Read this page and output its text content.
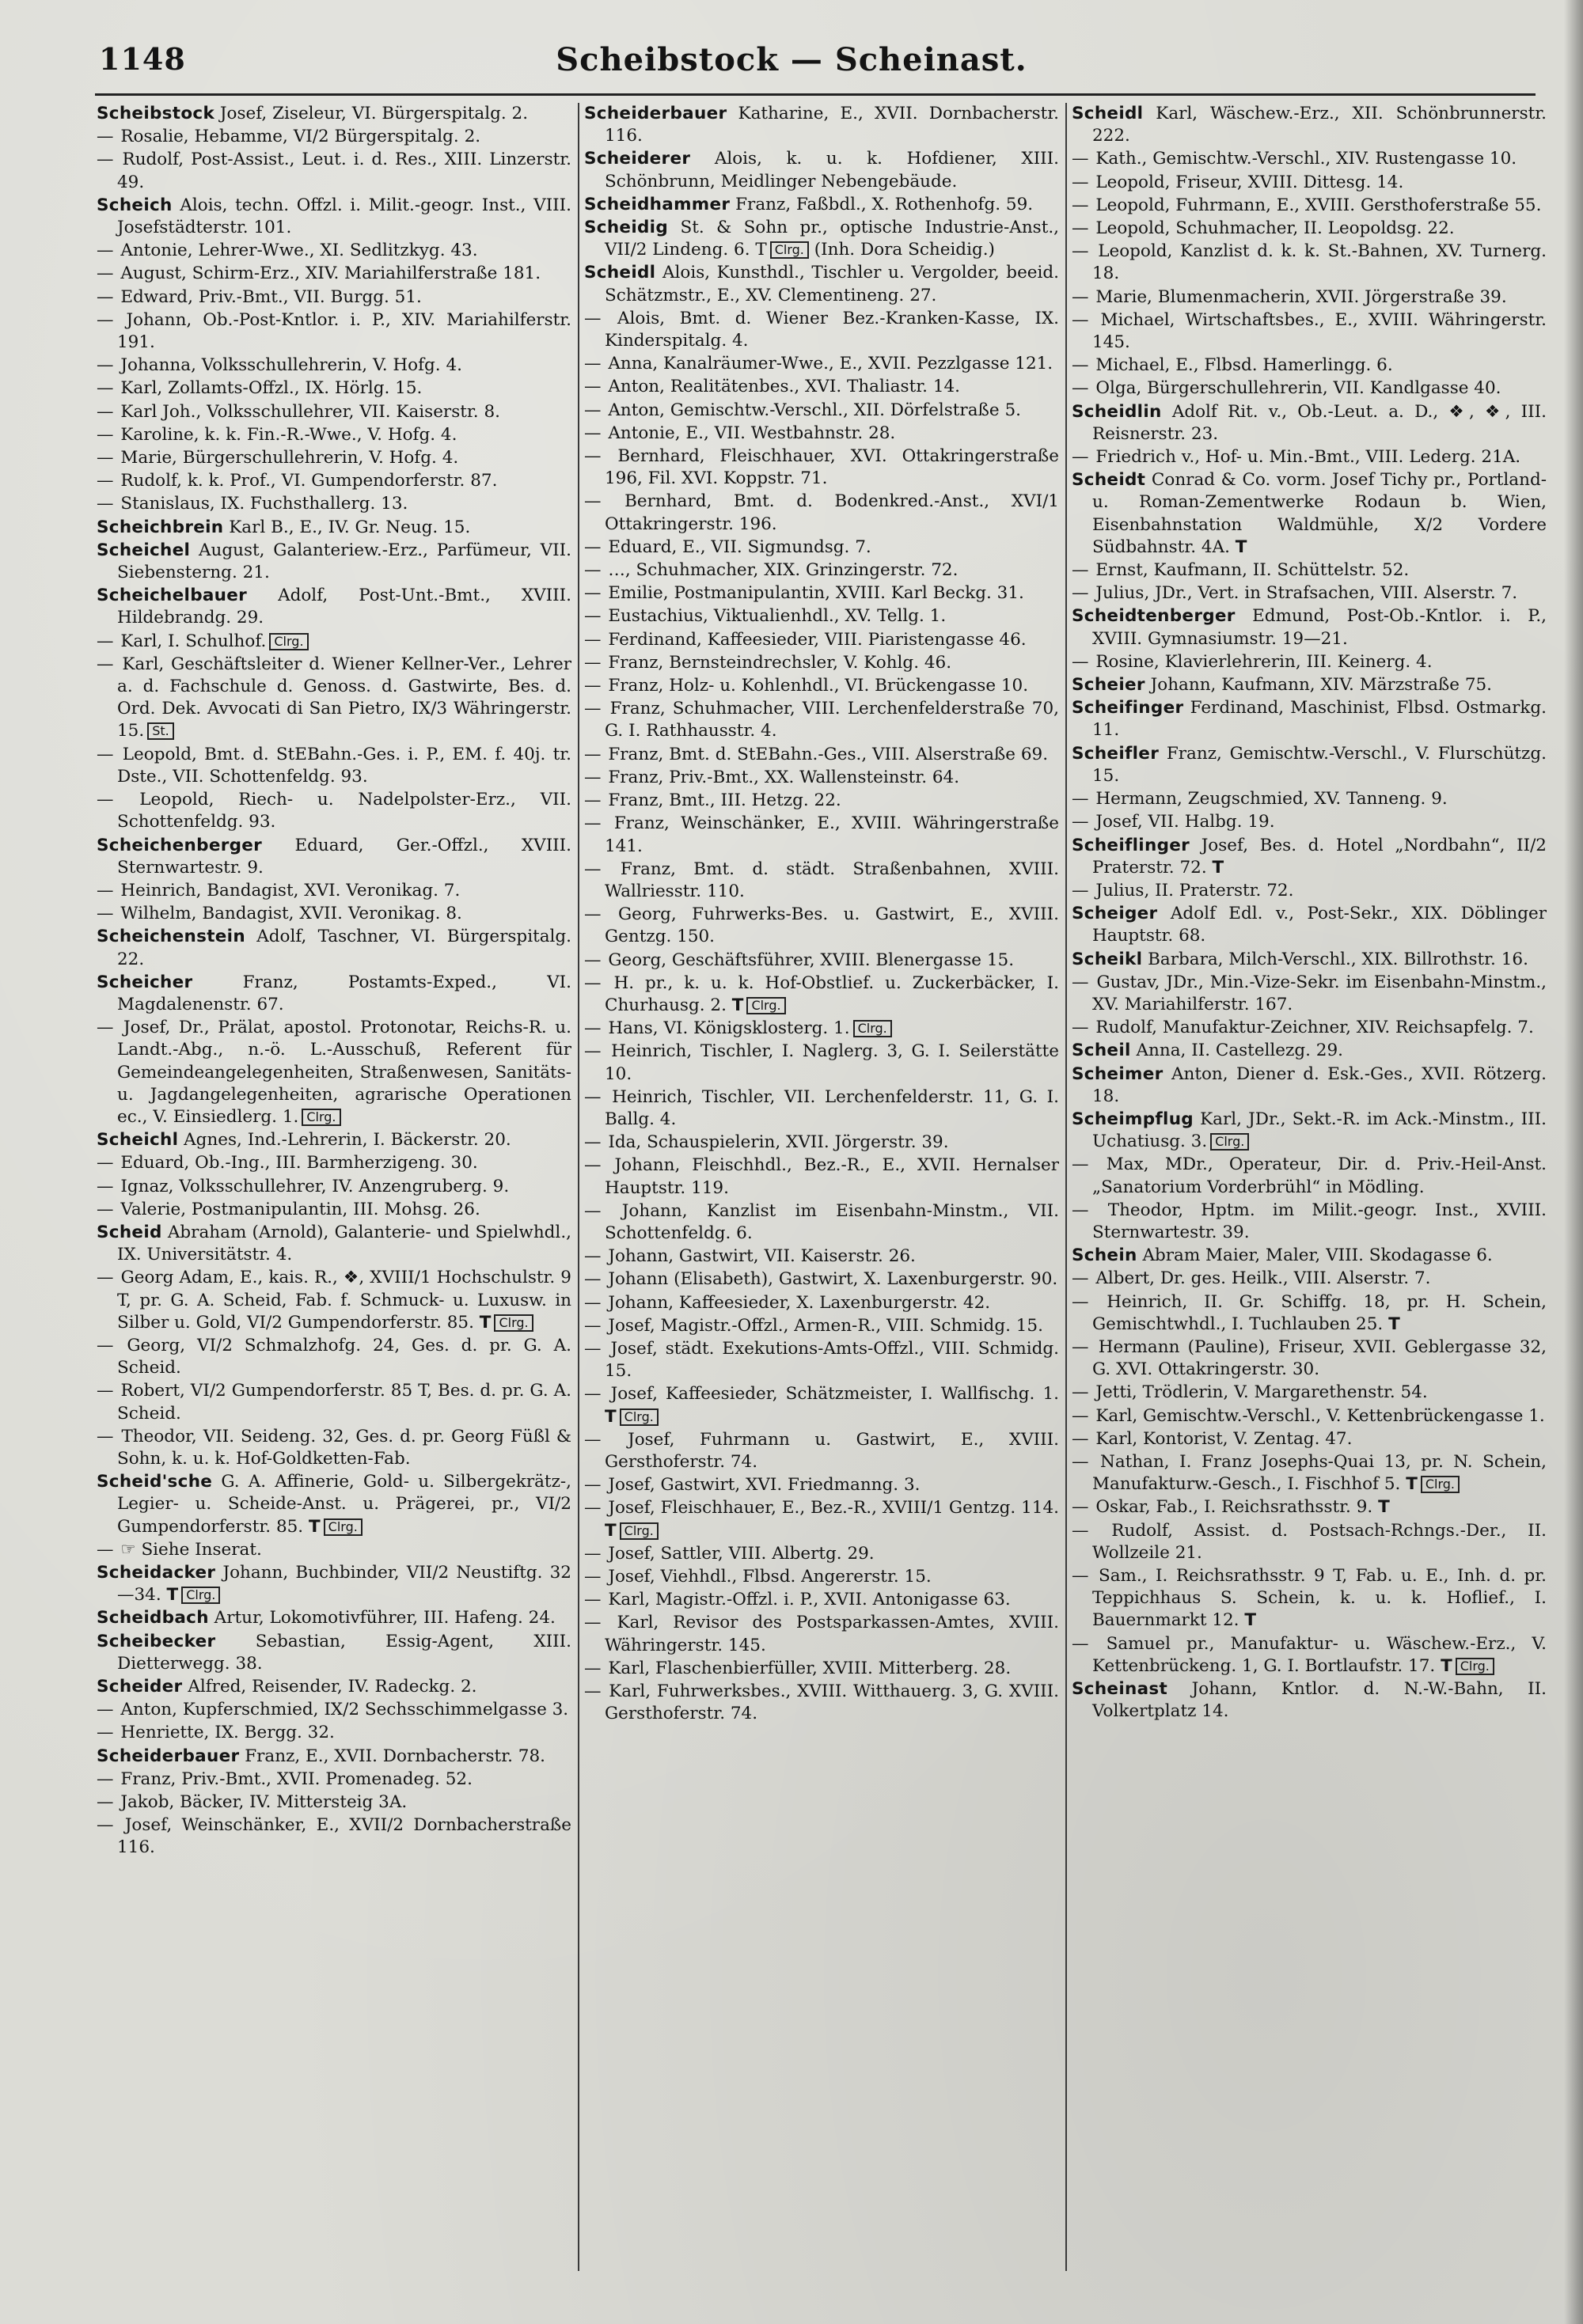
1148	Scheibstock — Scheinast.

Scheibstock Josef, Ziseleur, VI. Bürgerspitalg. 2.

— Rosalie, Hebamme, VI/2 Bürgerspitalg. 2.

— Rudolf, Post-Assist., Leut. i. d. Res., XIII. Linzerstr. 49.

Scheich Alois, techn. Offzl. i. Milit.-geogr. Inst., VIII. Josefstädterstr. 101.

— Antonie, Lehrer-Wwe., XI. Sedlitzkyg. 43.

— August, Schirm-Erz., XIV. Mariahilferstraße 181.

— Edward, Priv.-Bmt., VII. Burgg. 51.

— Johann, Ob.-Post-Kntlor. i. P., XIV. Mariahilferstr. 191.

— Johanna, Volksschullehrerin, V. Hofg. 4.

— Karl, Zollamts-Offzl., IX. Hörlg. 15.

— Karl Joh., Volksschullehrer, VII. Kaiserstr. 8.

— Karoline, k. k. Fin.-R.-Wwe., V. Hofg. 4.

— Marie, Bürgerschullehrerin, V. Hofg. 4.

— Rudolf, k. k. Prof., VI. Gumpendorferstr. 87.

— Stanislaus, IX. Fuchsthallerg. 13.

Scheichbrein Karl B., E., IV. Gr. Neug. 15.

Scheichel August, Galanteriew.-Erz., Parfümeur, VII. Siebensterng. 21.

Scheichelbauer Adolf, Post-Unt.-Bmt., XVIII. Hildebrandg. 29.

— Karl, I. Schulhof. Clrg.

— Karl, Geschäftsleiter d. Wiener Kellner-Ver., Lehrer a. d. Fachschule d. Genoss. d. Gastwirte, Bes. d. Ord. Dek. Avvocati di San Pietro, IX/3 Währingerstr. 15. St.

— Leopold, Bmt. d. StEBahn.-Ges. i. P., EM. f. 40j. tr. Dste., VII. Schottenfeldg. 93.

— Leopold, Riech- u. Nadelpolster-Erz., VII. Schottenfeldg. 93.

Scheichenberger Eduard, Ger.-Offzl., XVIII. Sternwartestr. 9.

— Heinrich, Bandagist, XVI. Veronikag. 7.

— Wilhelm, Bandagist, XVII. Veronikag. 8.

Scheichenstein Adolf, Taschner, VI. Bürgerspitalg. 22.

Scheicher	Franz, Postamts-Exped., VI. Magdalenenstr. 67.

— Josef, Dr., Prälat, apostol. Protonotar, Reichs-R. u. Landt.-Abg., n.-ö. L.-Ausschuß, Referent für Gemeindeangelegenheiten, Straßenwesen, Sanitäts- u. Jagdangelegenheiten, agrarische Operationen ec., V. Einsiedlerg. 1. Clrg.

Scheichl Agnes, Ind.-Lehrerin, I. Bäckerstr. 20.

— Eduard, Ob.-Ing., III. Barmherzigeng. 30.

— Ignaz, Volksschullehrer, IV. Anzengruberg. 9.

— Valerie, Postmanipulantin, III. Mohsg. 26.

Scheid Abraham (Arnold), Galanterie- und Spielwhdl., IX. Universitätstr. 4.

— Georg Adam, E., kais. R., ❖, XVIII/1 Hochschulstr. 9 T, pr. G. A. Scheid, Fab. f. Schmuck- u. Luxusw. in Silber u. Gold, VI/2 Gumpendorferstr. 85. T Clrg.

— Georg, VI/2 Schmalzhofg. 24, Ges. d. pr. G. A. Scheid.

— Robert, VI/2 Gumpendorferstr. 85 T, Bes. d. pr. G. A. Scheid.

— Theodor, VII. Seideng. 32, Ges. d. pr. Georg Füßl & Sohn, k. u. k. Hof-Goldketten-Fab.

Scheid'sche G. A. Affinerie, Gold- u. Silbergekrätz-, Legier- u. Scheide-Anst. u. Prägerei, pr., VI/2 Gumpendorferstr. 85. T Clrg.

— ☞ Siehe Inserat.

Scheidacker Johann, Buchbinder, VII/2 Neustiftg. 32—34. T Clrg.

Scheidbach Artur, Lokomotivführer, III. Hafeng. 24.

Scheibecker Sebastian, Essig-Agent, XIII. Dietterwegg. 38.

Scheider Alfred, Reisender, IV. Radeckg. 2.

— Anton, Kupferschmied, IX/2 Sechsschimmelgasse 3.

— Henriette, IX. Bergg. 32.

Scheiderbauer Franz, E., XVII. Dornbacherstr. 78.

— Franz, Priv.-Bmt., XVII. Promenadeg. 52.

— Jakob, Bäcker, IV. Mittersteig 3A.

— Josef, Weinschänker, E., XVII/2 Dornbacherstraße 116.

Scheiderbauer Katharine, E., XVII. Dornbacherstr. 116.

Scheiderer Alois, k. u. k. Hofdiener, XIII. Schönbrunn, Meidlinger Nebengebäude.

Scheidhammer Franz, Faßbdl., X. Rothenhofg. 59.

Scheidig St. & Sohn pr., optische Industrie-Anst., VII/2 Lindeng. 6. T Clrg. (Inh. Dora Scheidig.)

Scheidl Alois, Kunsthdl., Tischler u. Vergolder, beeid. Schätzmstr., E., XV. Clementineng. 27.

— Alois, Bmt. d. Wiener Bez.-Kranken-Kasse, IX. Kinderspitalg. 4.

— Anna, Kanalräumer-Wwe., E., XVII. Pezzlgasse 121.

— Anton, Realitätenbes., XVI. Thaliastr. 14.

— Anton, Gemischtw.-Verschl., XII. Dörfelstraße 5.

— Antonie, E., VII. Westbahnstr. 28.

— Bernhard, Fleischhauer, XVI. Ottakringerstraße 196, Fil. XVI. Koppstr. 71.

— Bernhard, Bmt. d. Bodenkred.-Anst., XVI/1 Ottakringerstr. 196.

— Eduard, E., VII. Sigmundsg. 7.

— …, Schuhmacher, XIX. Grinzingerstr. 72.

— Emilie, Postmanipulantin, XVIII. Karl Beckg. 31.

— Eustachius, Viktualienhdl., XV. Tellg. 1.

— Ferdinand, Kaffeesieder, VIII. Piaristengasse 46.

— Franz, Bernsteindrechsler, V. Kohlg. 46.

— Franz, Holz- u. Kohlenhdl., VI. Brückengasse 10.

— Franz, Schuhmacher, VIII. Lerchenfelderstraße 70, G. I. Rathhausstr. 4.

— Franz, Bmt. d. StEBahn.-Ges., VIII. Alserstraße 69.

— Franz, Priv.-Bmt., XX. Wallensteinstr. 64.

— Franz, Bmt., III. Hetzg. 22.

— Franz, Weinschänker, E., XVIII. Währingerstraße 141.

— Franz, Bmt. d. städt. Straßenbahnen, XVIII. Wallriesstr. 110.

— Georg, Fuhrwerks-Bes. u. Gastwirt, E., XVIII. Gentzg. 150.

— Georg, Geschäftsführer, XVIII. Blenergasse 15.

— H. pr., k. u. k. Hof-Obstlief. u. Zuckerbäcker, I. Churhausg. 2. T Clrg.

— Hans, VI. Königsklosterg. 1. Clrg.

— Heinrich, Tischler, I. Naglerg. 3, G. I. Seilerstätte 10.

— Heinrich, Tischler, VII. Lerchenfelderstr. 11, G. I. Ballg. 4.

— Ida, Schauspielerin, XVII. Jörgerstr. 39.

— Johann, Fleischhdl., Bez.-R., E., XVII. Hernalser Hauptstr. 119.

— Johann, Kanzlist im Eisenbahn-Minstm., VII. Schottenfeldg. 6.

— Johann, Gastwirt, VII. Kaiserstr. 26.

— Johann (Elisabeth), Gastwirt, X. Laxenburgerstr. 90.

— Johann, Kaffeesieder, X. Laxenburgerstr. 42.

— Josef, Magistr.-Offzl., Armen-R., VIII. Schmidg. 15.

— Josef, städt. Exekutions-Amts-Offzl., VIII. Schmidg. 15.

— Josef, Kaffeesieder, Schätzmeister, I. Wallfischg. 1. T Clrg.

— Josef, Fuhrmann u. Gastwirt, E., XVIII. Gersthoferstr. 74.

— Josef, Gastwirt, XVI. Friedmanng. 3.

— Josef, Fleischhauer, E., Bez.-R., XVIII/1 Gentzg. 114. T Clrg.

— Josef, Sattler, VIII. Albertg. 29.

— Josef, Viehhdl., Flbsd. Angererstr. 15.

— Karl, Magistr.-Offzl. i. P., XVII. Antonigasse 63.

— Karl, Revisor des Postsparkassen-Amtes, XVIII. Währingerstr. 145.

— Karl, Flaschenbierfüller, XVIII. Mitterberg. 28.

— Karl, Fuhrwerksbes., XVIII. Witthauerg. 3, G. XVIII. Gersthoferstr. 74.

Scheidl Karl, Wäschew.-Erz., XII. Schönbrunnerstr. 222.

— Kath., Gemischtw.-Verschl., XIV. Rustengasse 10.

— Leopold, Friseur, XVIII. Dittesg. 14.

— Leopold, Fuhrmann, E., XVIII. Gersthoferstraße 55.

— Leopold, Schuhmacher, II. Leopoldsg. 22.

— Leopold, Kanzlist d. k. k. St.-Bahnen, XV. Turnerg. 18.

— Marie, Blumenmacherin, XVII. Jörgerstraße 39.

— Michael, Wirtschaftsbes., E., XVIII. Währingerstr. 145.

— Michael, E., Flbsd. Hamerlingg. 6.

— Olga, Bürgerschullehrerin, VII. Kandlgasse 40.

Scheidlin Adolf Rit. v., Ob.-Leut. a. D., ❖, ❖, III. Reisnerstr. 23.

— Friedrich v., Hof- u. Min.-Bmt., VIII. Lederg. 21A.

Scheidt Conrad & Co. vorm. Josef Tichy pr., Portland- u. Roman-Zementwerke Rodaun b. Wien, Eisenbahnstation Waldmühle, X/2 Vordere Südbahnstr. 4A. T

— Ernst, Kaufmann, II. Schüttelstr. 52.

— Julius, JDr., Vert. in Strafsachen, VIII. Alserstr. 7.

Scheidtenberger Edmund, Post-Ob.-Kntlor. i. P., XVIII. Gymnasiumstr. 19—21.

— Rosine, Klavierlehrerin, III. Keinerg. 4.

Scheier Johann, Kaufmann, XIV. Märzstraße 75.

Scheifinger Ferdinand, Maschinist, Flbsd. Ostmarkg. 11.

Scheifler Franz, Gemischtw.-Verschl., V. Flurschützg. 15.

— Hermann, Zeugschmied, XV. Tanneng. 9.

— Josef, VII. Halbg. 19.

Scheiflinger Josef, Bes. d. Hotel „Nordbahn“, II/2 Praterstr. 72. T

— Julius, II. Praterstr. 72.

Scheiger Adolf Edl. v., Post-Sekr., XIX. Döblinger Hauptstr. 68.

Scheikl Barbara, Milch-Verschl., XIX. Billrothstr. 16.

— Gustav, JDr., Min.-Vize-Sekr. im Eisenbahn-Minstm., XV. Mariahilferstr. 167.

— Rudolf, Manufaktur-Zeichner, XIV. Reichsapfelg. 7.

Scheil Anna, II. Castellezg. 29.

Scheimer Anton, Diener d. Esk.-Ges., XVII. Rötzerg. 18.

Scheimpflug Karl, JDr., Sekt.-R. im Ack.-Minstm., III. Uchatiusg. 3. Clrg.

— Max, MDr., Operateur, Dir. d. Priv.-Heil-Anst. „Sanatorium Vorderbrühl“ in Mödling.

— Theodor, Hptm. im Milit.-geogr. Inst., XVIII. Sternwartestr. 39.

Schein Abram Maier, Maler, VIII. Skodagasse 6.

— Albert, Dr. ges. Heilk., VIII. Alserstr. 7.

— Heinrich, II. Gr. Schiffg. 18, pr. H. Schein, Gemischtwhdl., I. Tuchlauben 25. T

— Hermann (Pauline), Friseur, XVII. Geblergasse 32, G. XVI. Ottakringerstr. 30.

— Jetti, Trödlerin, V. Margarethenstr. 54.

— Karl, Gemischtw.-Verschl., V. Kettenbrückengasse 1.

— Karl, Kontorist, V. Zentag. 47.

— Nathan, I. Franz Josephs-Quai 13, pr. N. Schein, Manufakturw.-Gesch., I. Fischhof 5. T Clrg.

— Oskar, Fab., I. Reichsrathsstr. 9. T

— Rudolf, Assist. d. Postsach-Rchngs.-Der., II. Wollzeile 21.

— Sam., I. Reichsrathsstr. 9 T, Fab. u. E., Inh. d. pr. Teppichhaus S. Schein, k. u. k. Hoflief., I. Bauernmarkt 12. T

— Samuel pr., Manufaktur- u. Wäschew.-Erz., V. Kettenbrückeng. 1, G. I. Bortlaufstr. 17. T Clrg.

Scheinast Johann, Kntlor. d. N.-W.-Bahn, II. Volkertplatz 14.
